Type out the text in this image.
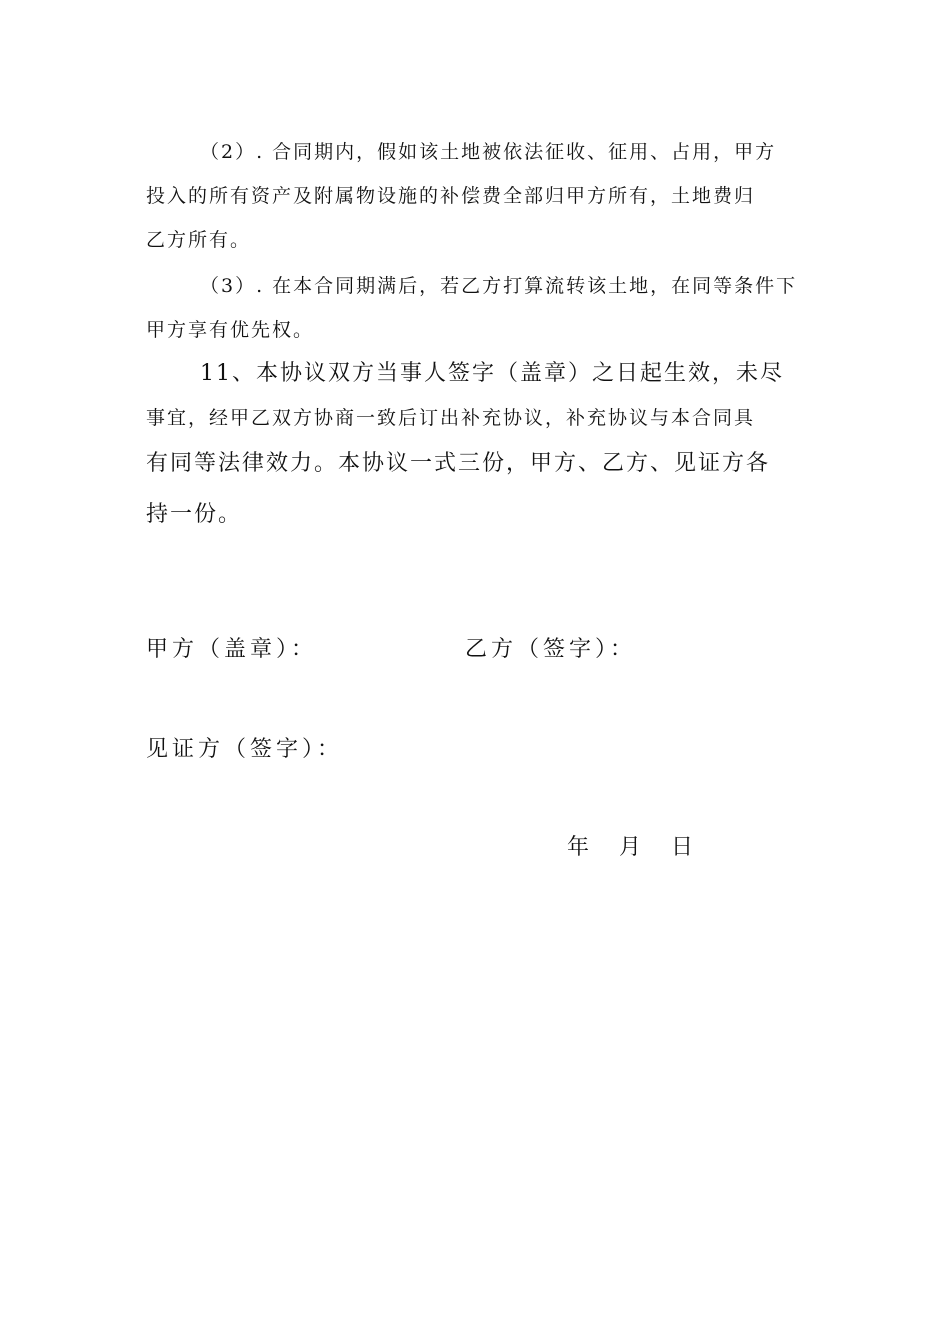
（2）. 合同期内，假如该土地被依法征收、征用、占用，甲方
投入的所有资产及附属物设施的补偿费全部归甲方所有，土地费归
乙方所有。

（3）. 在本合同期满后，若乙方打算流转该土地，在同等条件下
甲方享有优先权。

11、本协议双方当事人签字（盖章）之日起生效，未尽
事宜，经甲乙双方协商一致后订出补充协议，补充协议与本合同具
有同等法律效力。本协议一式三份，甲方、乙方、见证方各
持一份。

甲方（盖章）：	乙方（签字）：
见证方（签字）：
年 月 日
